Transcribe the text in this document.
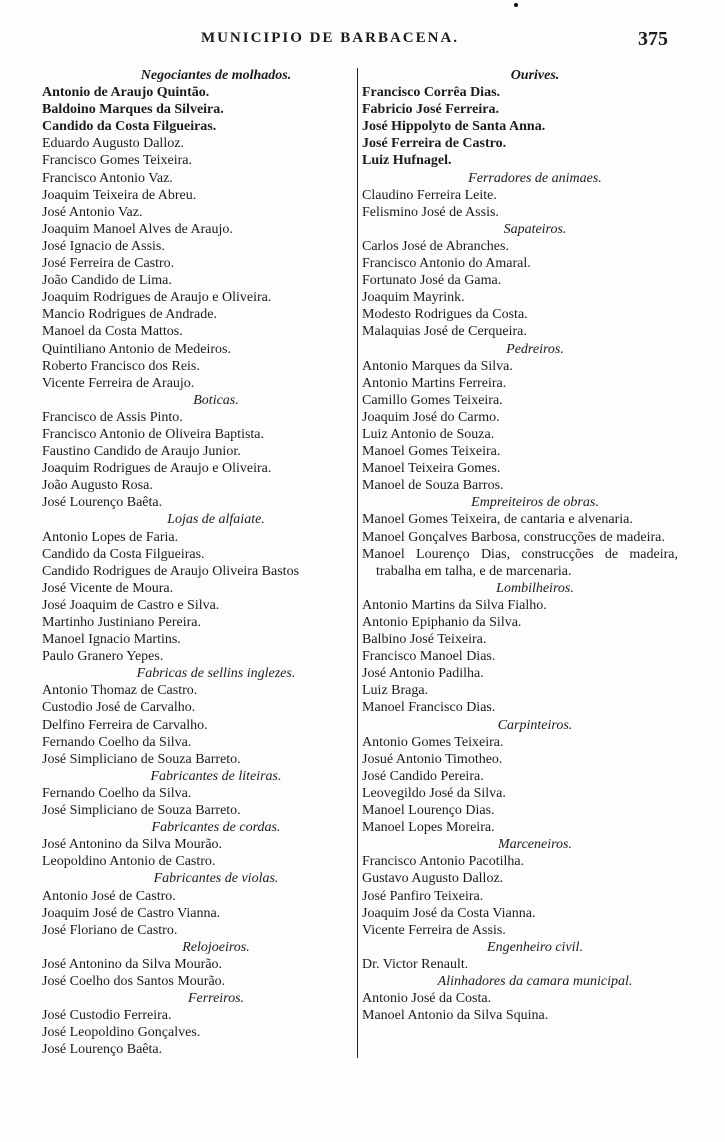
MUNICIPIO DE BARBACENA.	375
Negociantes de molhados.
Antonio de Araujo Quintão.
Baldoino Marques da Silveira.
Candido da Costa Filgueiras.
Eduardo Augusto Dalloz.
Francisco Gomes Teixeira.
Francisco Antonio Vaz.
Joaquim Teixeira de Abreu.
José Antonio Vaz.
Joaquim Manoel Alves de Araujo.
José Ignacio de Assis.
José Ferreira de Castro.
João Candido de Lima.
Joaquim Rodrigues de Araujo e Oliveira.
Mancio Rodrigues de Andrade.
Manoel da Costa Mattos.
Quintiliano Antonio de Medeiros.
Roberto Francisco dos Reis.
Vicente Ferreira de Araujo.
Boticas.
Francisco de Assis Pinto.
Francisco Antonio de Oliveira Baptista.
Faustino Candido de Araujo Junior.
Joaquim Rodrigues de Araujo e Oliveira.
João Augusto Rosa.
José Lourenço Baêta.
Lojas de alfaiate.
Antonio Lopes de Faria.
Candido da Costa Filgueiras.
Candido Rodrigues de Araujo Oliveira Bastos
José Vicente de Moura.
José Joaquim de Castro e Silva.
Martinho Justiniano Pereira.
Manoel Ignacio Martins.
Paulo Granero Yepes.
Fabricas de sellins inglezes.
Antonio Thomaz de Castro.
Custodio José de Carvalho.
Delfino Ferreira de Carvalho.
Fernando Coelho da Silva.
José Simpliciano de Souza Barreto.
Fabricantes de liteiras.
Fernando Coelho da Silva.
José Simpliciano de Souza Barreto.
Fabricantes de cordas.
José Antonino da Silva Mourão.
Leopoldino Antonio de Castro.
Fabricantes de violas.
Antonio José de Castro.
Joaquim José de Castro Vianna.
José Floriano de Castro.
Relojoeiros.
José Antonino da Silva Mourão.
José Coelho dos Santos Mourão.
Ferreiros.
José Custodio Ferreira.
José Leopoldino Gonçalves.
José Lourenço Baêta.
Ourives.
Francisco Corrêa Dias.
Fabricio José Ferreira.
José Hippolyto de Santa Anna.
José Ferreira de Castro.
Luiz Hufnagel.
Ferradores de animaes.
Claudino Ferreira Leite.
Felismino José de Assis.
Sapateiros.
Carlos José de Abranches.
Francisco Antonio do Amaral.
Fortunato José da Gama.
Joaquim Mayrink.
Modesto Rodrigues da Costa.
Malaquias José de Cerqueira.
Pedreiros.
Antonio Marques da Silva.
Antonio Martins Ferreira.
Camillo Gomes Teixeira.
Joaquim José do Carmo.
Luiz Antonio de Souza.
Manoel Gomes Teixeira.
Manoel Teixeira Gomes.
Manoel de Souza Barros.
Empreiteiros de obras.
Manoel Gomes Teixeira, de cantaria e alvenaria.
Manoel Gonçalves Barbosa, construcções de madeira.
Manoel Lourenço Dias, construcções de madeira, trabalha em talha, e de marcenaria.
Lombilheiros.
Antonio Martins da Silva Fialho.
Antonio Epiphanio da Silva.
Balbino José Teixeira.
Francisco Manoel Dias.
José Antonio Padilha.
Luiz Braga.
Manoel Francisco Dias.
Carpinteiros.
Antonio Gomes Teixeira.
Josué Antonio Timotheo.
José Candido Pereira.
Leovegildo José da Silva.
Manoel Lourenço Dias.
Manoel Lopes Moreira.
Marceneiros.
Francisco Antonio Pacotilha.
Gustavo Augusto Dalloz.
José Panfiro Teixeira.
Joaquim José da Costa Vianna.
Vicente Ferreira de Assis.
Engenheiro civil.
Dr. Victor Renault.
Alinhadores da camara municipal.
Antonio José da Costa.
Manoel Antonio da Silva Squina.
